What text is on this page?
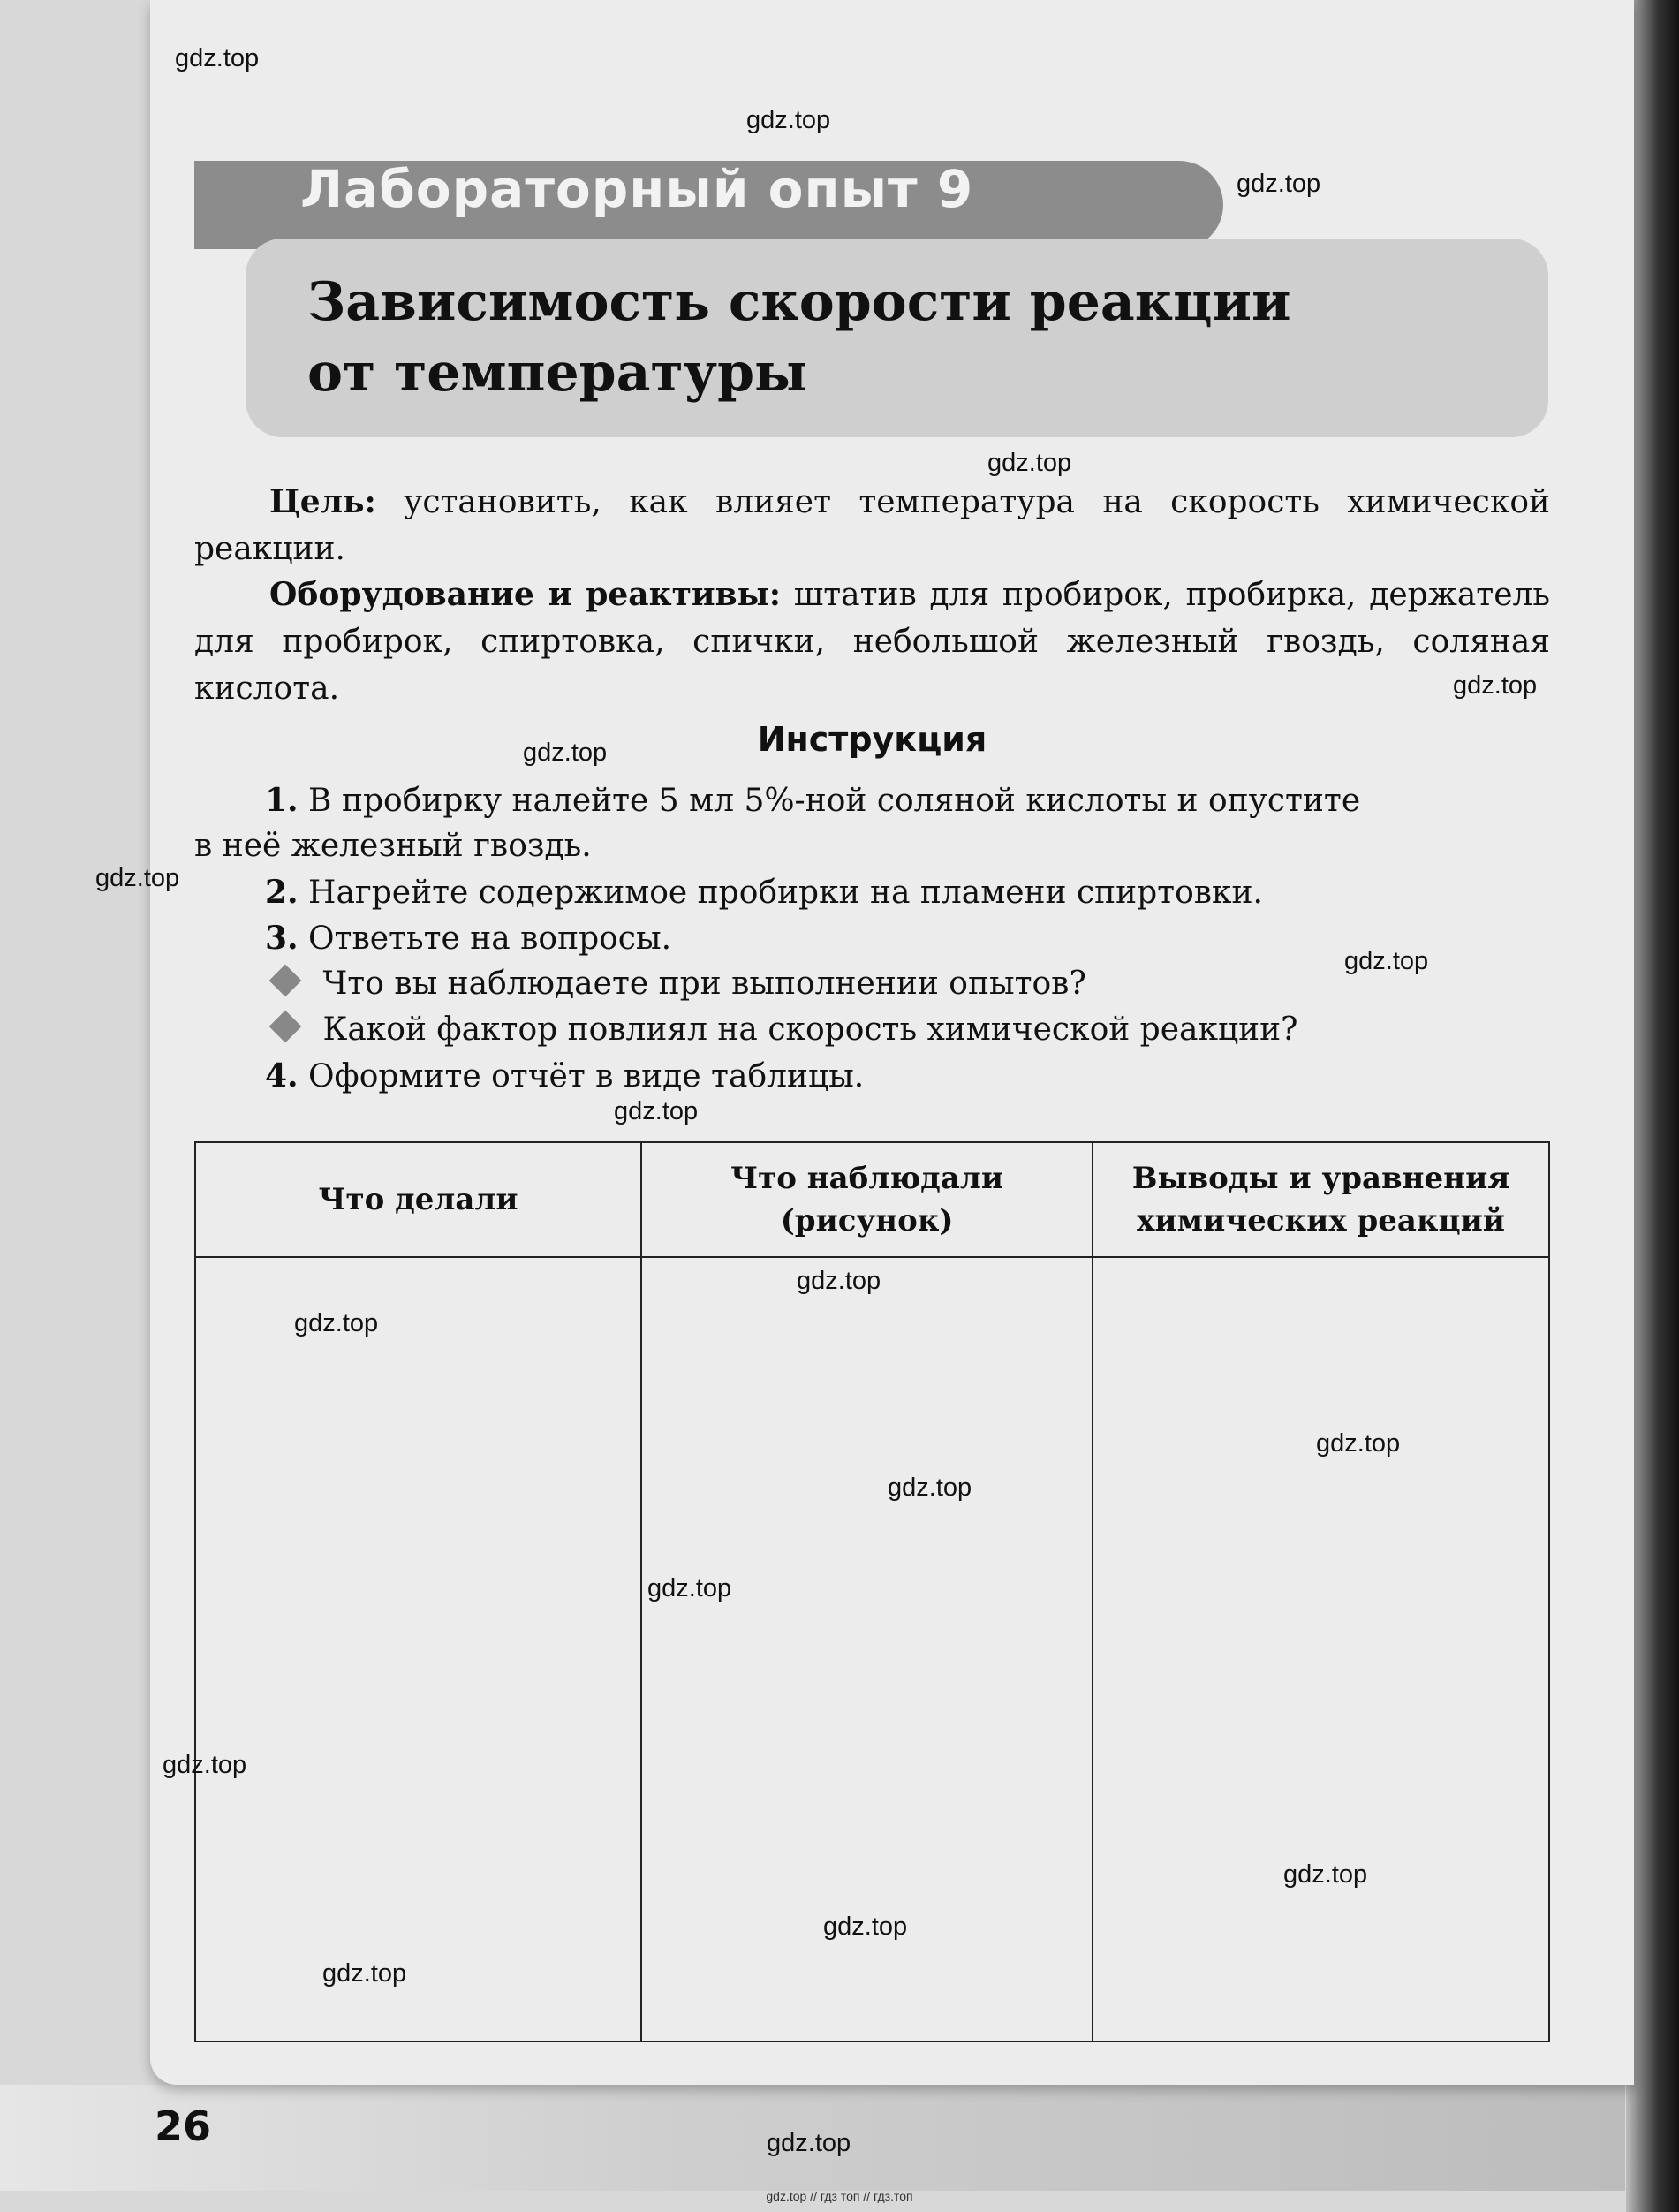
Лабораторный опыт 9
Зависимость скорости реакции
от температуры
Цель: установить, как влияет температура на скорость химической реакции.
Оборудование и реактивы: штатив для пробирок, пробирка, держатель для пробирок, спиртовка, спички, небольшой железный гвоздь, соляная кислота.
Инструкция
1. В пробирку налейте 5 мл 5%-ной соляной кислоты и опустите
в неё железный гвоздь.
2. Нагрейте содержимое пробирки на пламени спиртовки.
3. Ответьте на вопросы.
Что вы наблюдаете при выполнении опытов?
Какой фактор повлиял на скорость химической реакции?
4. Оформите отчёт в виде таблицы.
Что делали	Что наблюдали (рисунок)	Выводы и уравнения химических реакций

26
gdz.top // гдз топ // гдз.топ
gdz.top
gdz.top
gdz.top
gdz.top
gdz.top
gdz.top
gdz.top
gdz.top
gdz.top
gdz.top
gdz.top
gdz.top
gdz.top
gdz.top
gdz.top
gdz.top
gdz.top
gdz.top
gdz.top
